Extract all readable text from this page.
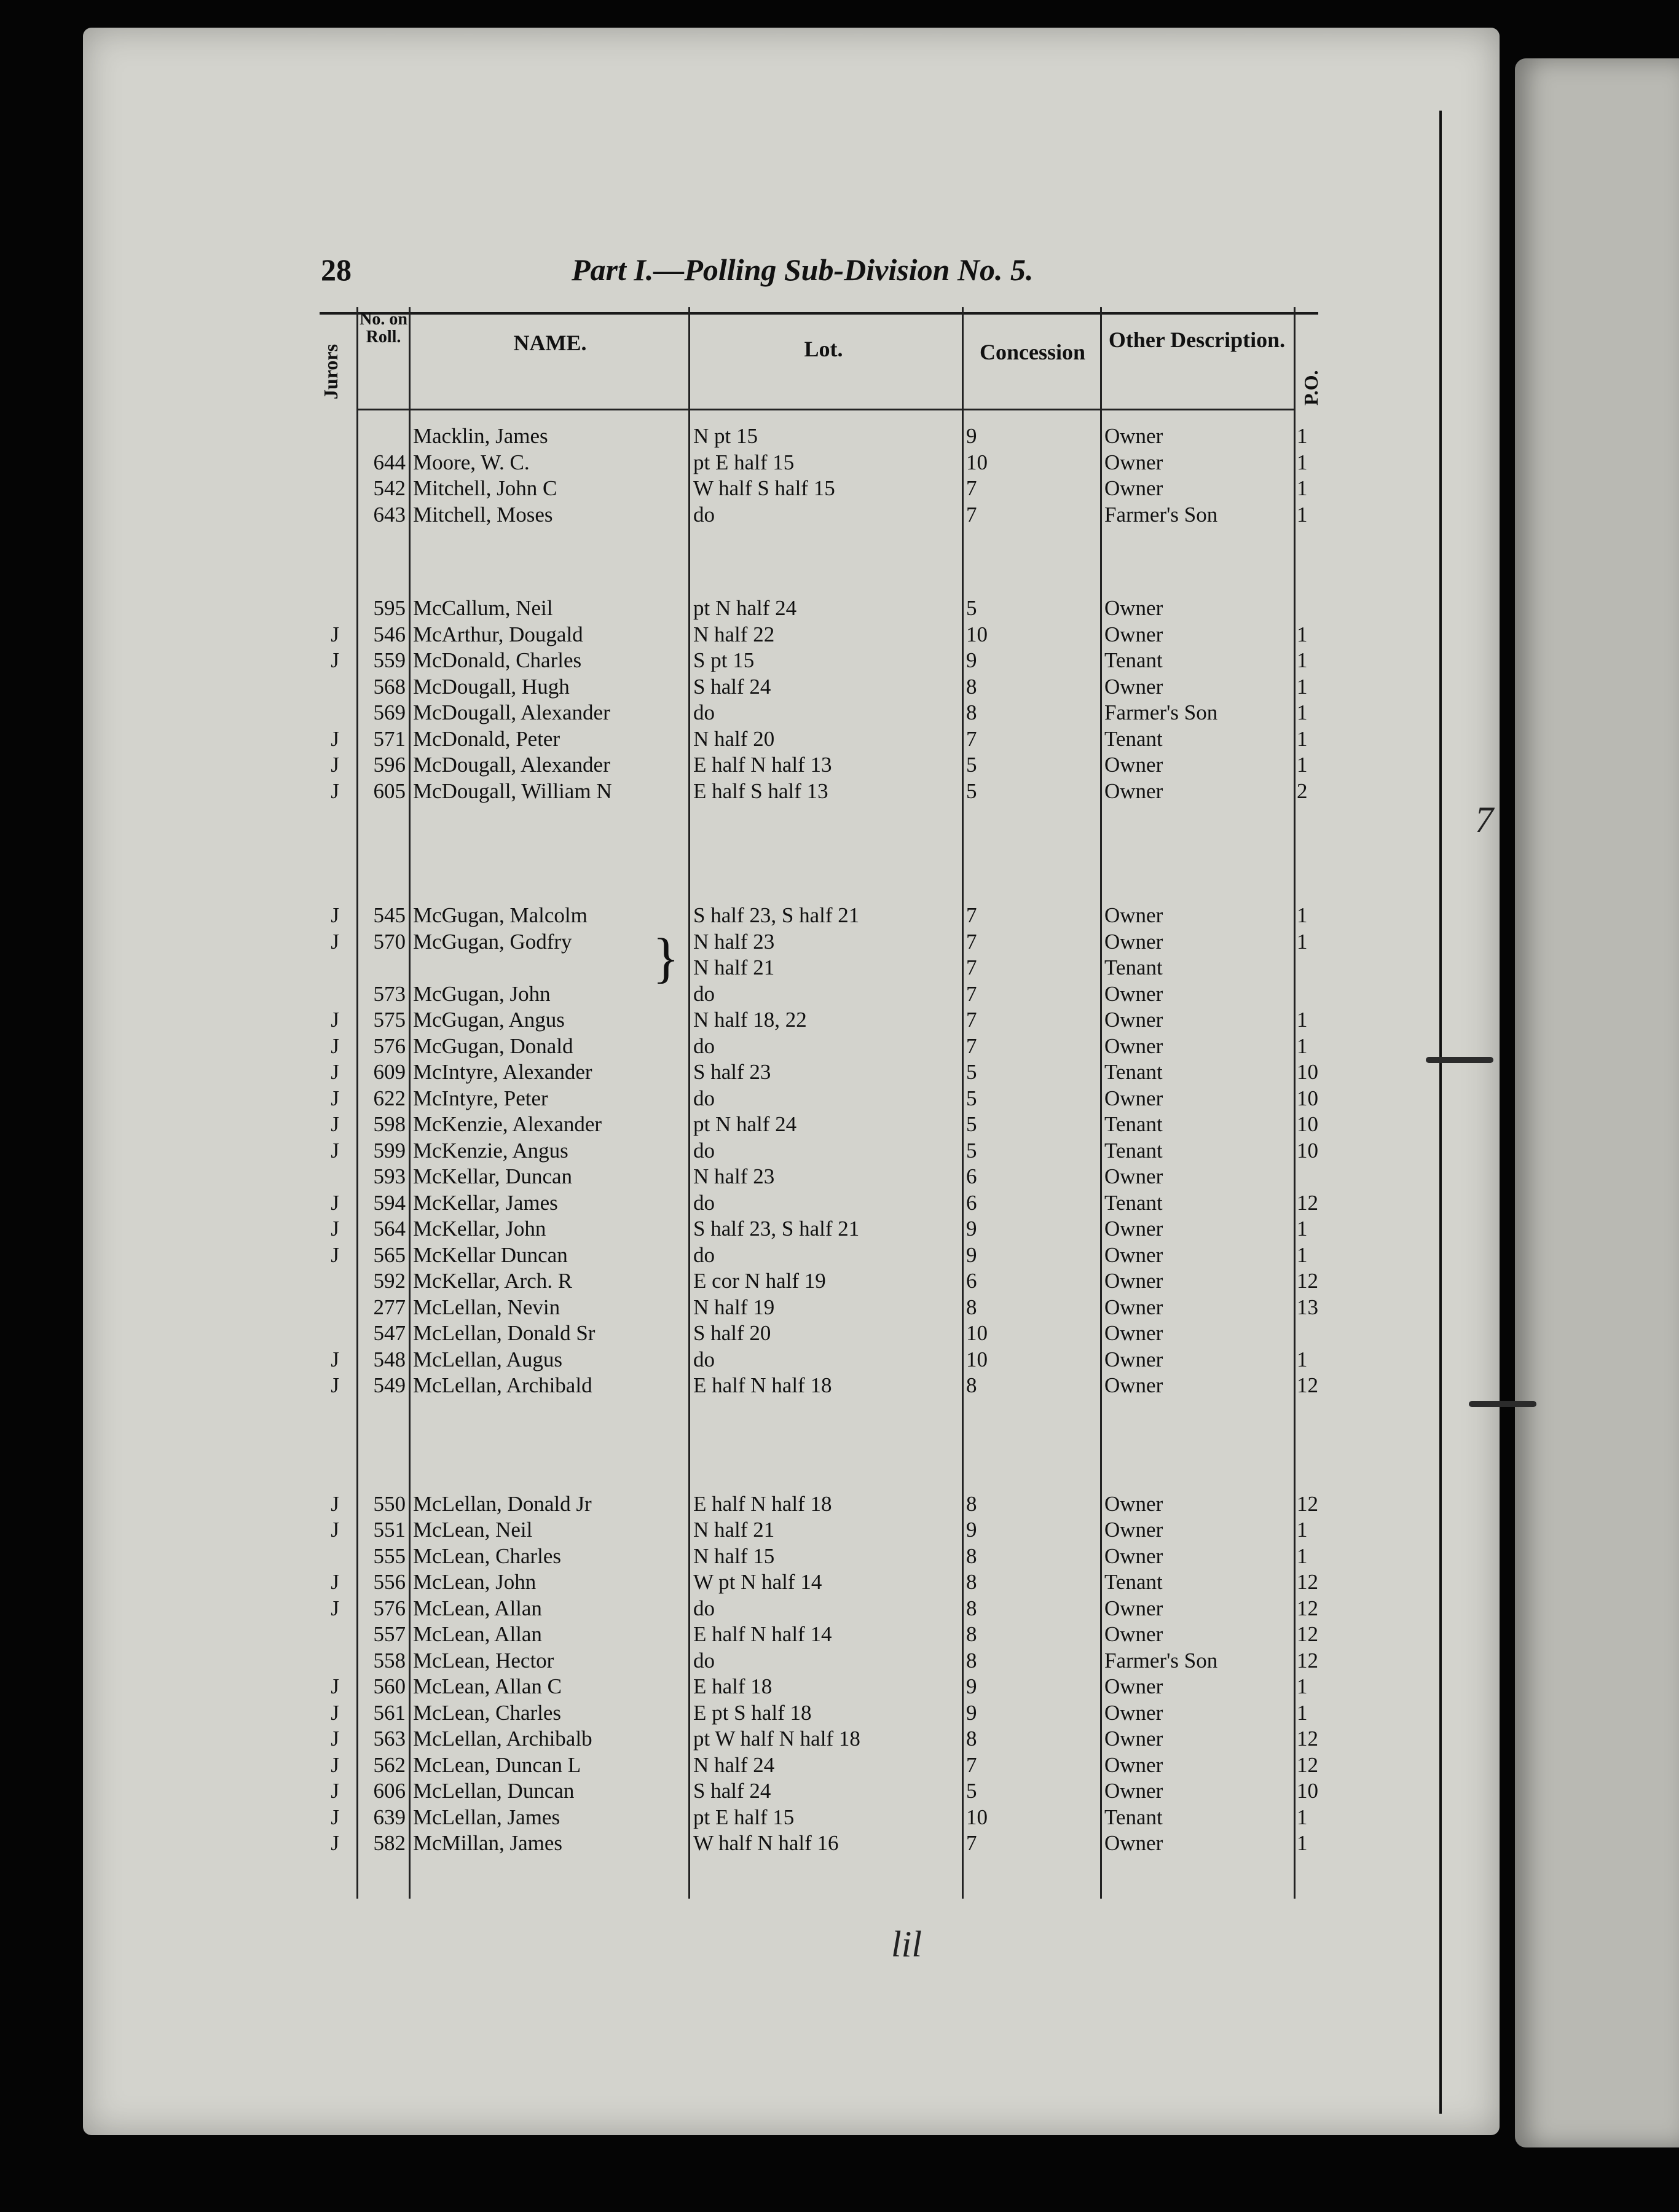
28	Part I.—Polling Sub-Division No. 5.
Jurors
No. on Roll.	NAME.	Lot.	Concession	Other Description.
P.O.
Macklin, James	N pt 15	9	Owner	1
644 Moore, W. C.	pt E half 15	10	Owner	1
542 Mitchell, John C	W half S half 15	7	Owner	1
643 Mitchell, Moses	do	7	Farmer's Son	1
595 McCallum, Neil	pt N half 24	5	Owner
J	546 McArthur, Dougald	N half 22	10	Owner	1
J	559 McDonald, Charles	S pt 15	9	Tenant	1
568 McDougall, Hugh	S half 24	8	Owner	1
569 McDougall, Alexander	do	8	Farmer's Son	1
J	571 McDonald, Peter	N half 20	7	Tenant	1
J	596 McDougall, Alexander	E half N half 13	5	Owner	1
J	605 McDougall, William N	E half S half 13	5	Owner	2
J	545 McGugan, Malcolm	S half 23, S half 21	7	Owner	1
J	570 McGugan, Godfry	N half 23	7	Owner	1
N half 21	7	Tenant
573 McGugan, John	do	7	Owner
J	575 McGugan, Angus	N half 18, 22	7	Owner	1
J	576 McGugan, Donald	do	7	Owner	1
J	609 McIntyre, Alexander	S half 23	5	Tenant	10
J	622 McIntyre, Peter	do	5	Owner	10
J	598 McKenzie, Alexander	pt N half 24	5	Tenant	10
J	599 McKenzie, Angus	do	5	Tenant	10
593 McKellar, Duncan	N half 23	6	Owner
J	594 McKellar, James	do	6	Tenant	12
J	564 McKellar, John	S half 23, S half 21	9	Owner	1
J	565 McKellar Duncan	do	9	Owner	1
592 McKellar, Arch. R	E cor N half 19	6	Owner	12
277 McLellan, Nevin	N half 19	8	Owner	13
547 McLellan, Donald Sr	S half 20	10	Owner
J	548 McLellan, Augus	do	10	Owner	1
J	549 McLellan, Archibald	E half N half 18	8	Owner	12
J	550 McLellan, Donald Jr	E half N half 18	8	Owner	12
J	551 McLean, Neil	N half 21	9	Owner	1
555 McLean, Charles	N half 15	8	Owner	1
J	556 McLean, John	W pt N half 14	8	Tenant	12
J	576 McLean, Allan	do	8	Owner	12
557 McLean, Allan	E half N half 14	8	Owner	12
558 McLean, Hector	do	8	Farmer's Son	12
J	560 McLean, Allan C	E half 18	9	Owner	1
J	561 McLean, Charles	E pt S half 18	9	Owner	1
J	563 McLellan, Archibalb	pt W half N half 18	8	Owner	12
J	562 McLean, Duncan L	N half 24	7	Owner	12
J	606 McLellan, Duncan	S half 24	5	Owner	10
J	639 McLellan, James	pt E half 15	10	Tenant	1
J	582 McMillan, James	W half N half 16	7	Owner	1
}
7
lil
